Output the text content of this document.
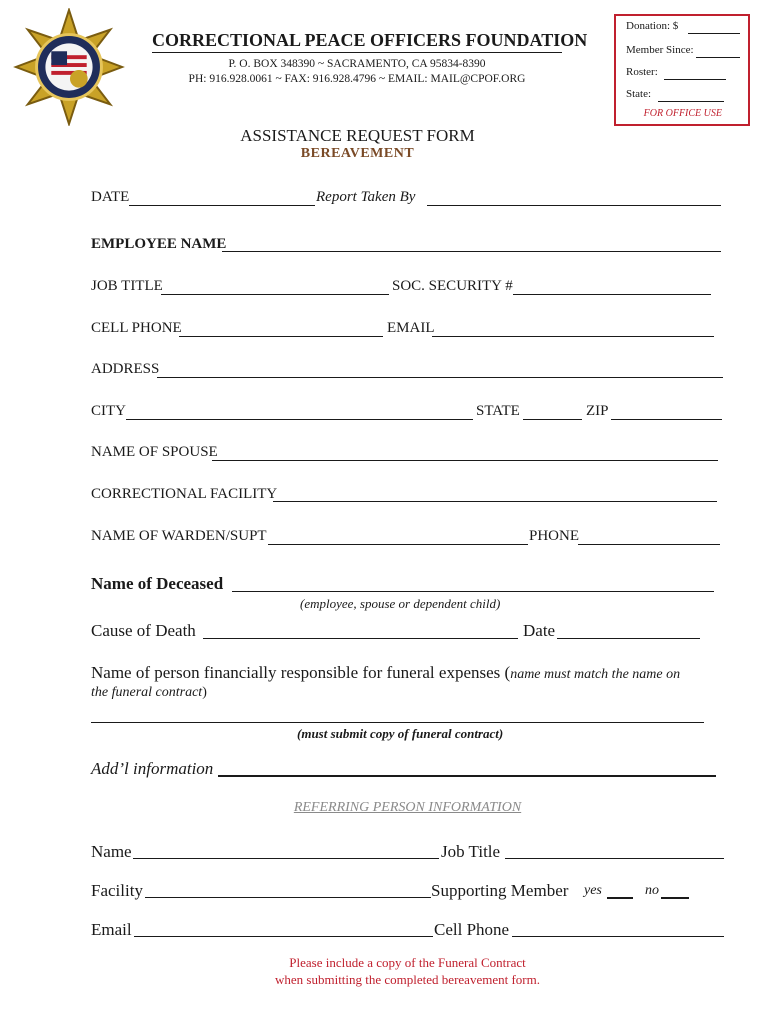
CORRECTIONAL PEACE OFFICERS FOUNDATION
P. O. BOX 348390 ~ SACRAMENTO, CA 95834-8390
PH: 916.928.0061 ~ FAX: 916.928.4796 ~ EMAIL: MAIL@CPOF.ORG
Donation: $
Member Since:
Roster:
State:
FOR OFFICE USE
ASSISTANCE REQUEST FORM
BEREAVEMENT
DATE	Report Taken By
EMPLOYEE NAME
JOB TITLE	SOC. SECURITY #
CELL PHONE	EMAIL
ADDRESS
CITY	STATE	ZIP
NAME OF SPOUSE
CORRECTIONAL FACILITY
NAME OF WARDEN/SUPT	PHONE
Name of Deceased
(employee, spouse or dependent child)
Cause of Death	Date
Name of person financially responsible for funeral expenses (name must match the name on
the funeral contract)
(must submit copy of funeral contract)
Add’l information
REFERRING PERSON INFORMATION
Name	Job Title
Facility	Supporting Member yes	no
Email	Cell Phone
Please include a copy of the Funeral Contract
when submitting the completed bereavement form.
